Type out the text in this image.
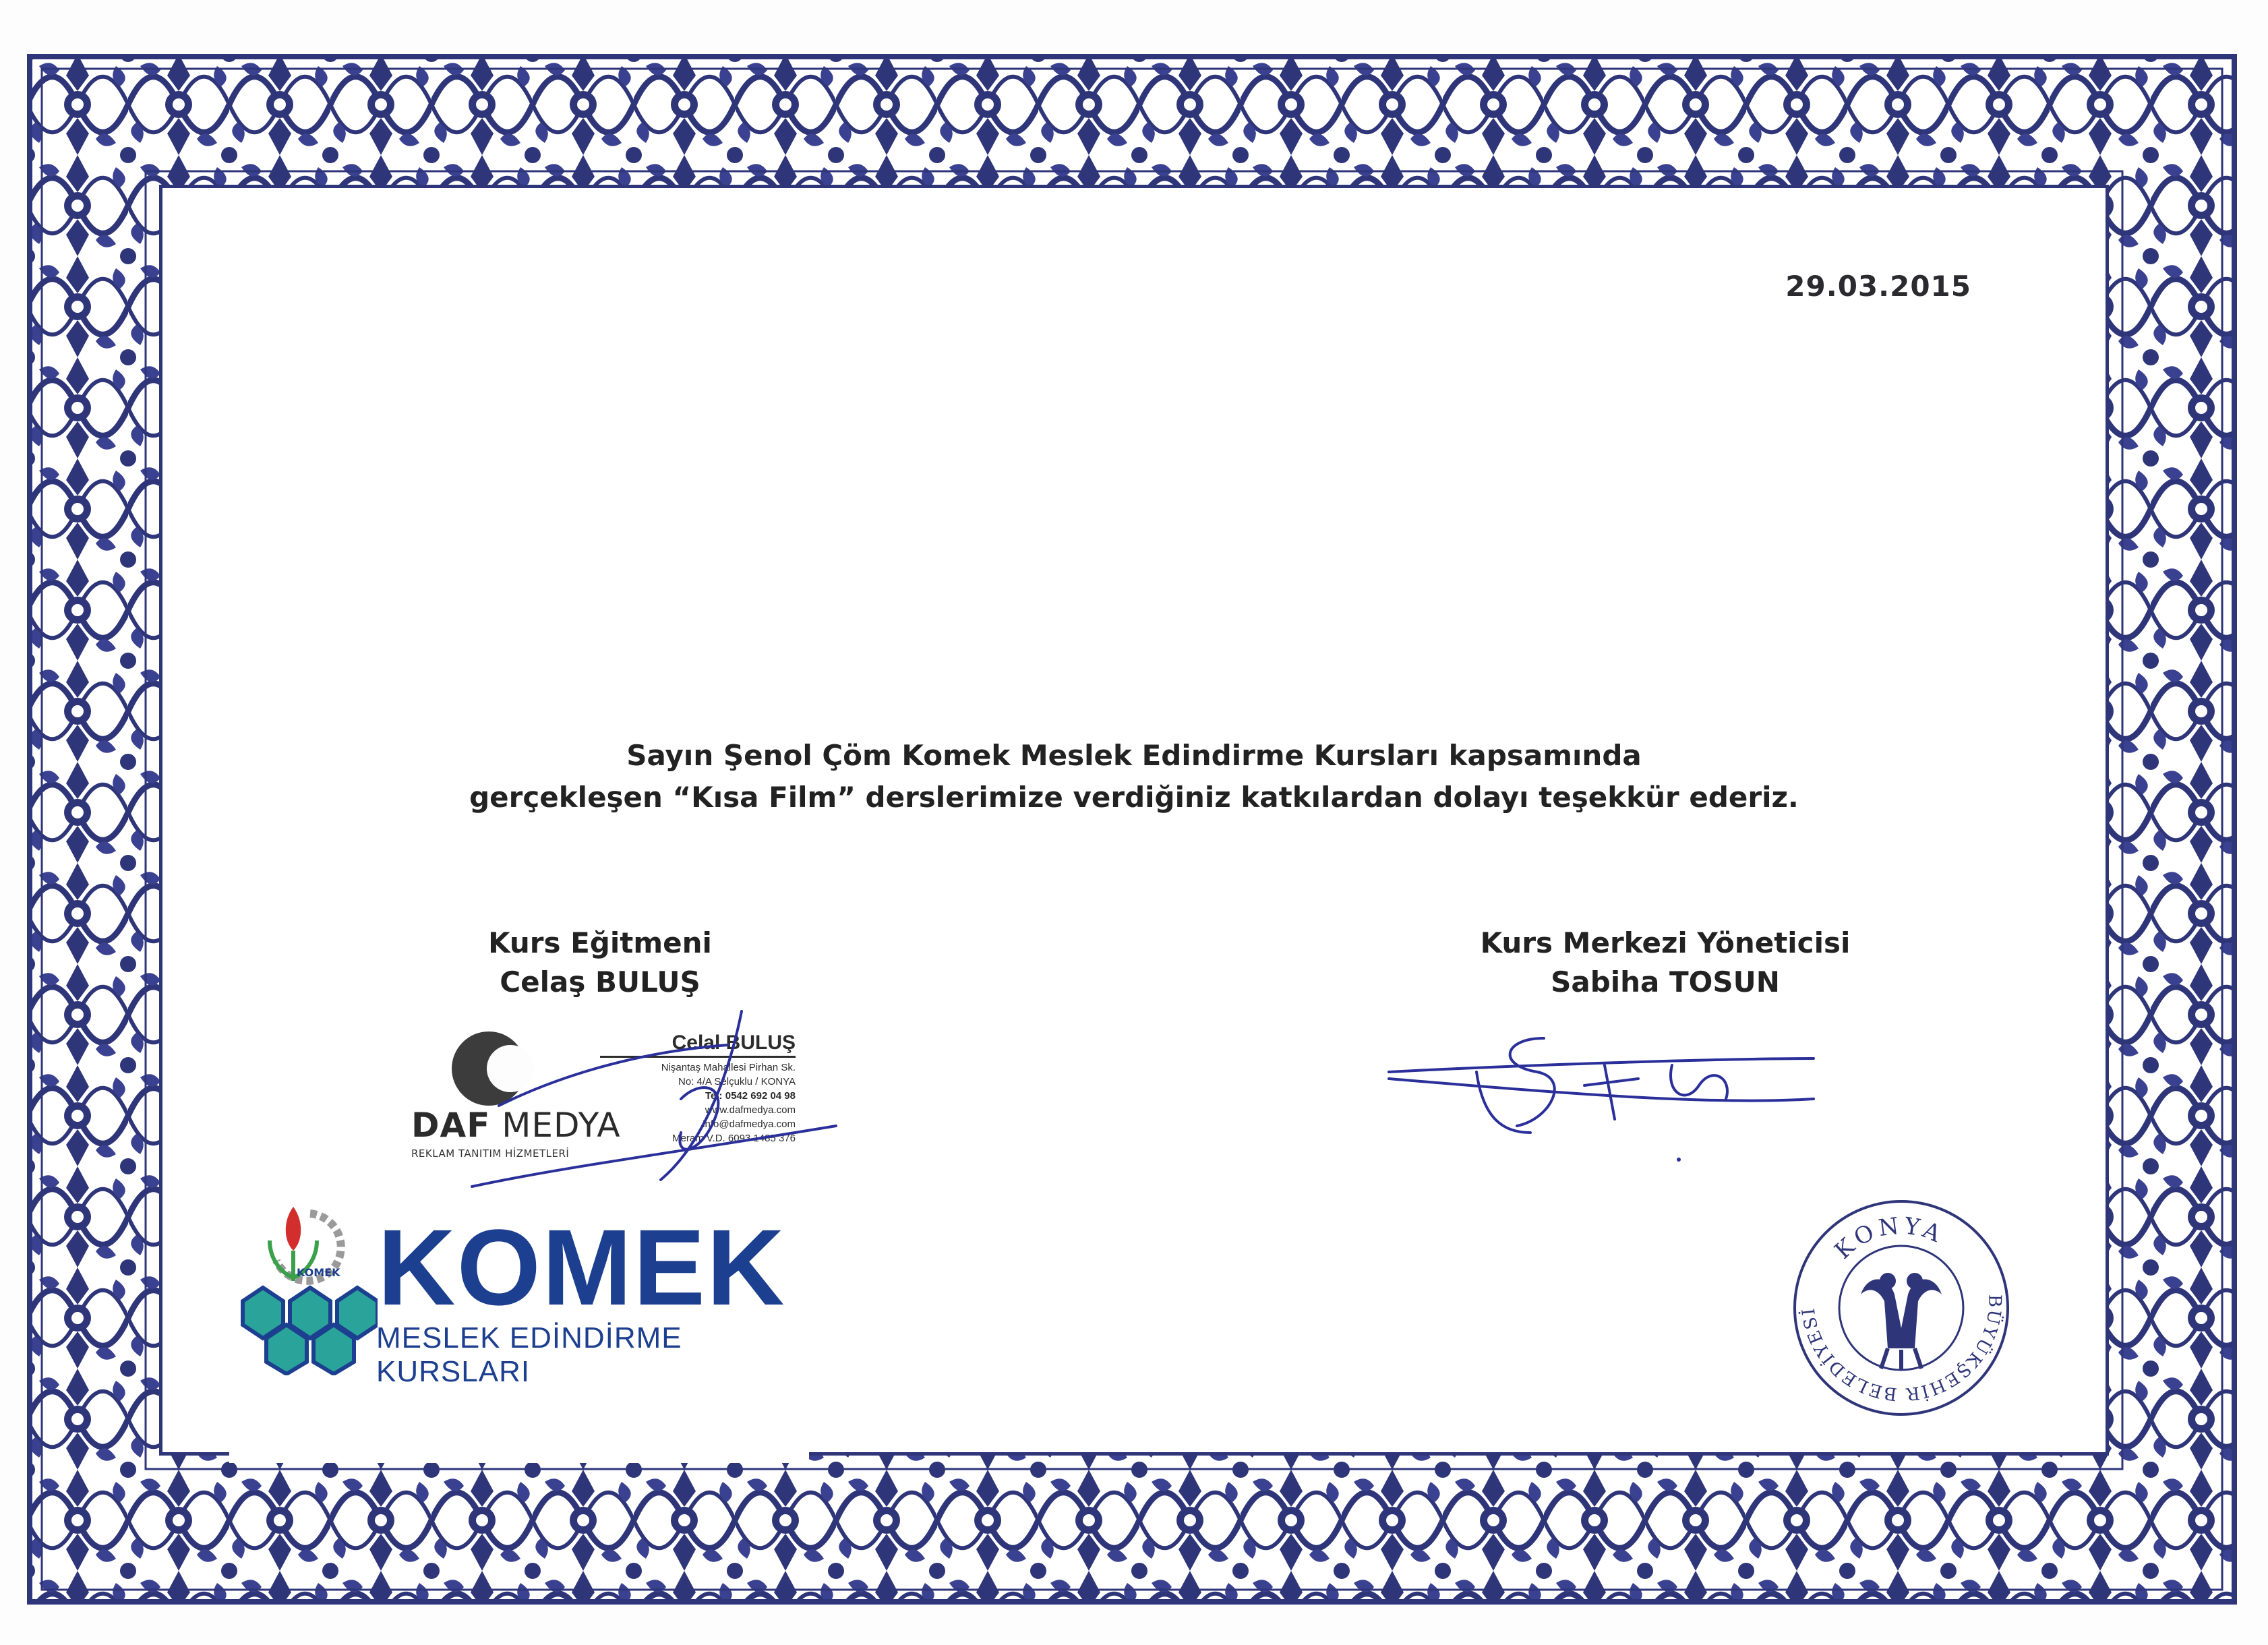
29.03.2015
Sayın Şenol Çöm Komek Meslek Edindirme Kursları kapsamında
gerçekleşen “Kısa Film” derslerimize verdiğiniz katkılardan dolayı teşekkür ederiz.
Kurs Eğitmeni
Celaş BULUŞ
Kurs Merkezi Yöneticisi
Sabiha TOSUN
DAF MEDYA
REKLAM TANITIM HİZMETLERİ
Celal BULUŞ
Nişantaş Mahallesi Pirhan Sk.
No: 4/A Selçuklu / KONYA
Tel: 0542 692 04 98
www.dafmedya.com
info@dafmedya.com
Meram V.D. 6093 1485 376
KOMEK KOMEK
MESLEK EDİNDİRME KURSLARI
KONYA
BÜYÜKŞEHİR BELEDİYESİ
